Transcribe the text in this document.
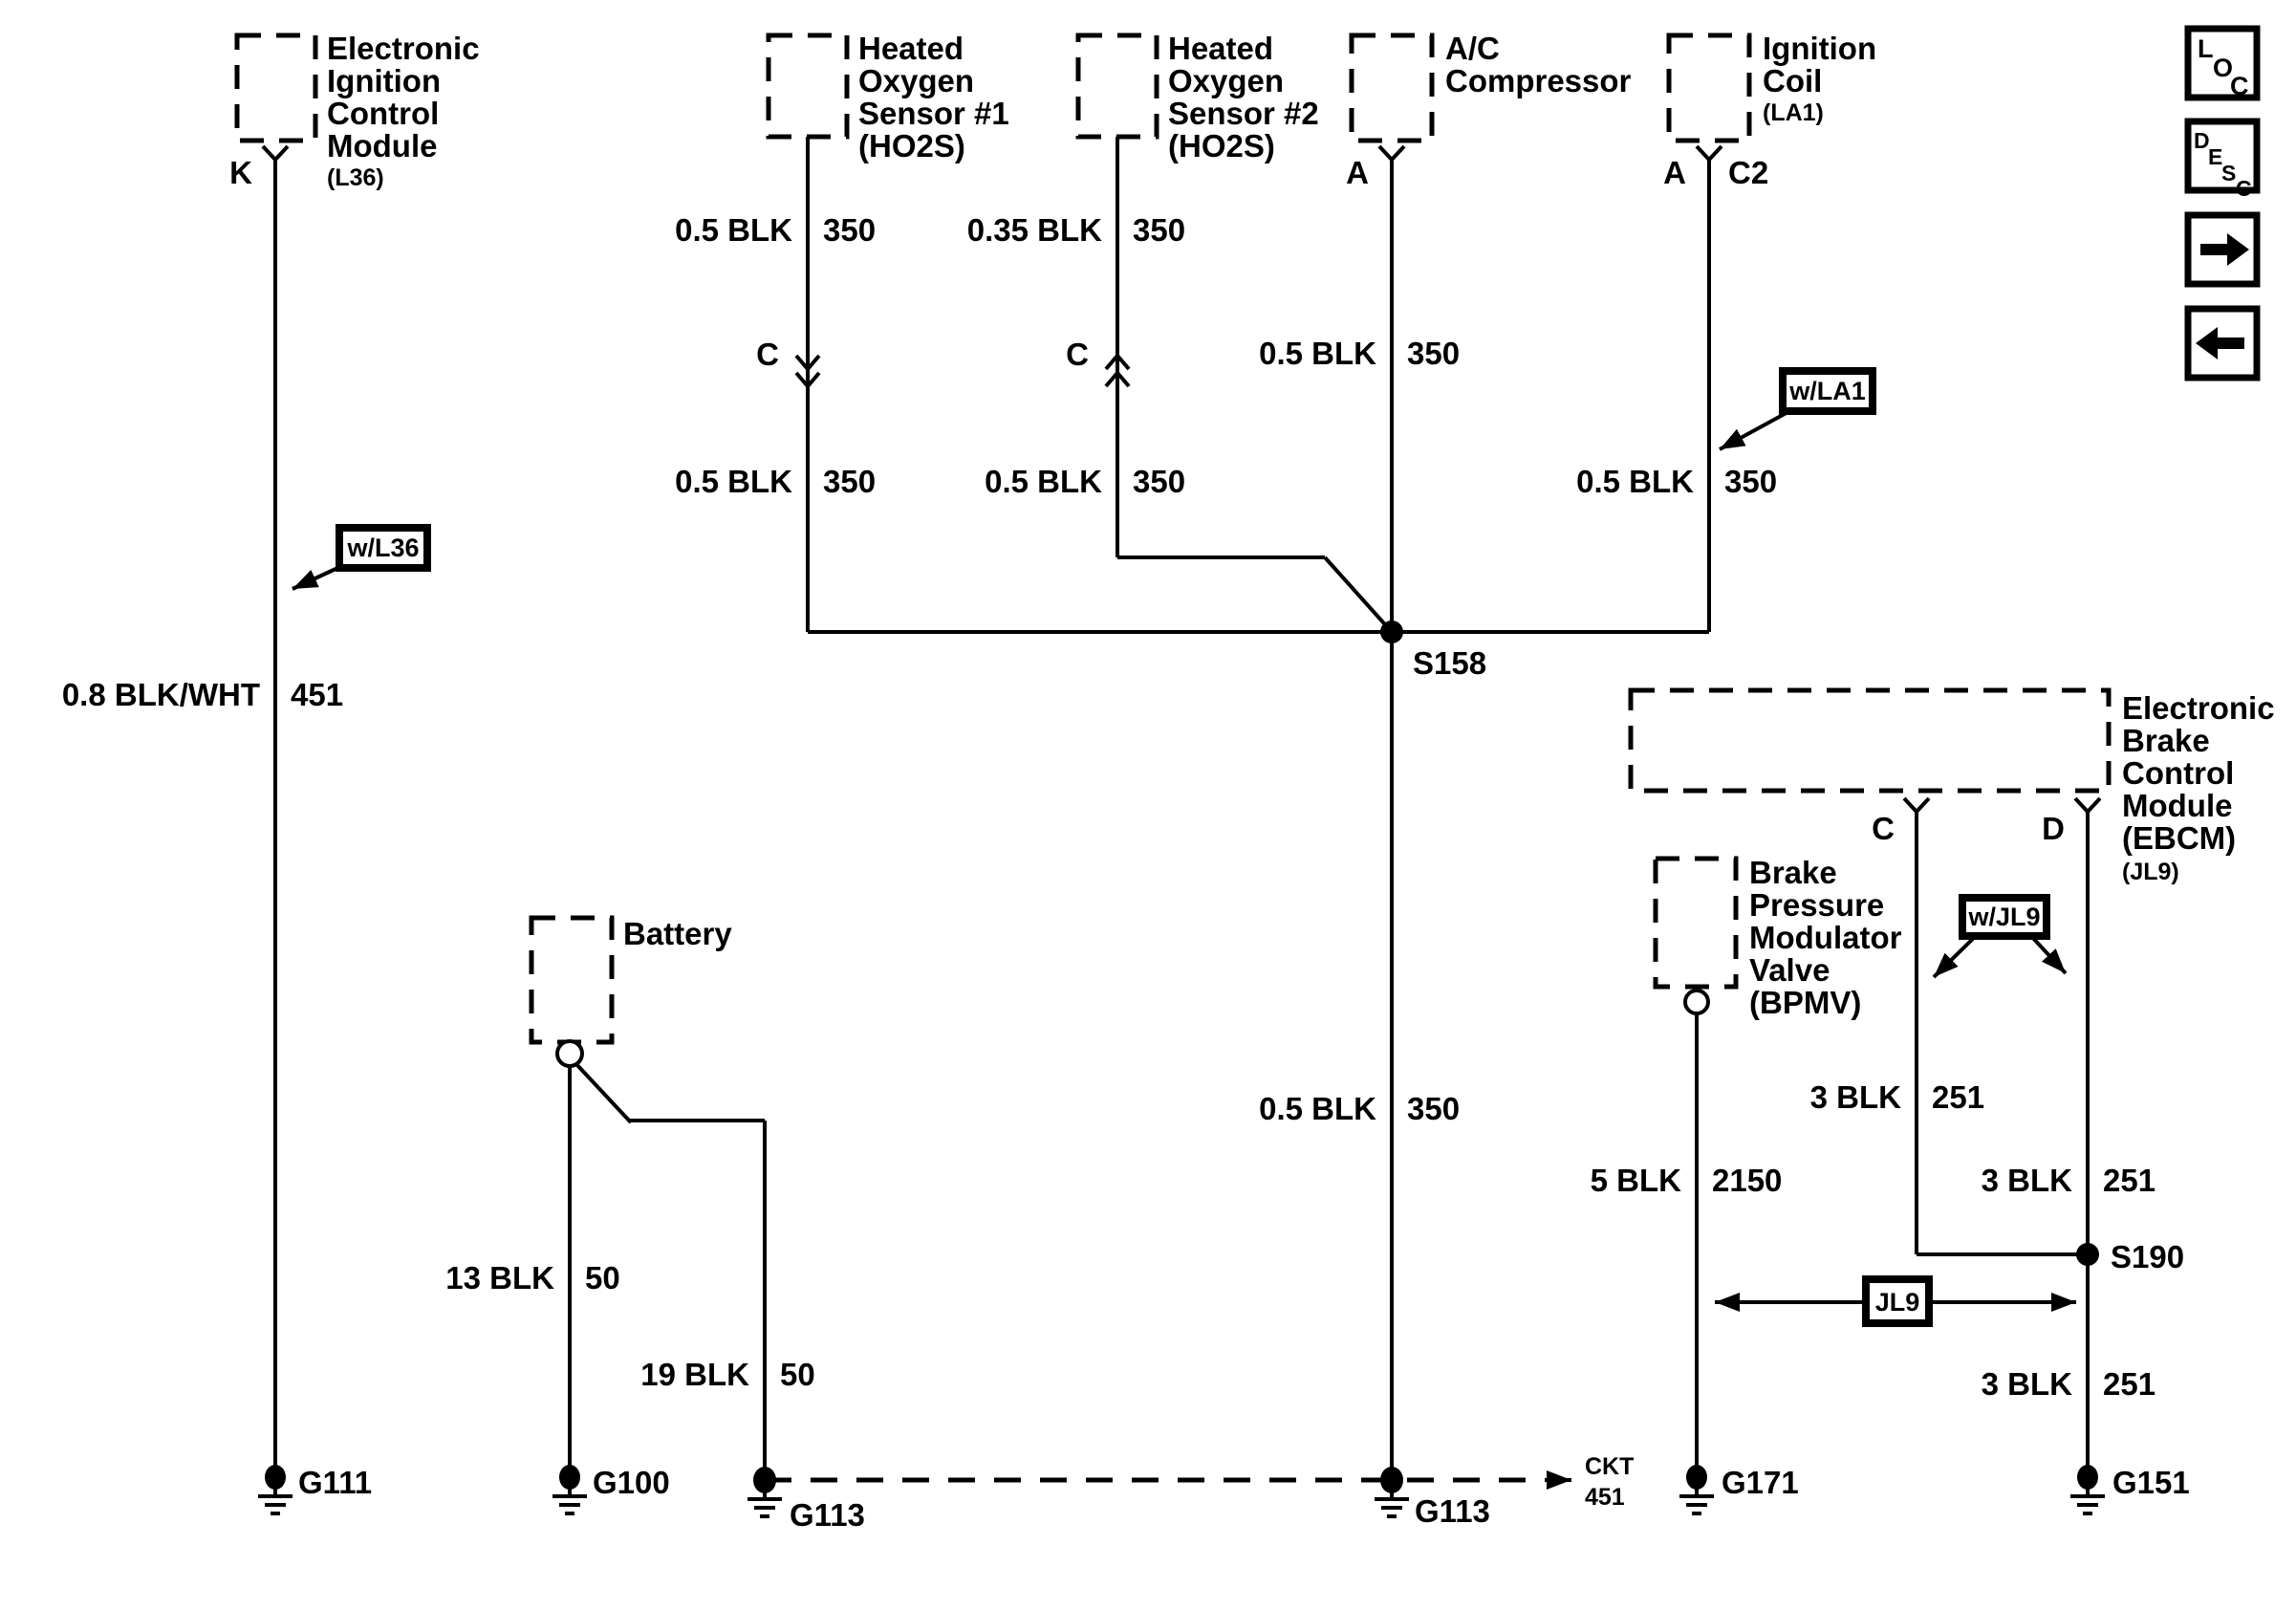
Electronic
Ignition
Control
Module
(L36)
K
Heated
Oxygen
Sensor #1
(HO2S)
C
Heated
Oxygen
Sensor #2
(HO2S)
C
A/C
Compressor
A
Ignition
Coil
(LA1)
A C2
Battery
Electronic
Brake
Control
Module
(EBCM)
(JL9)
C	D
Brake
Pressure
Modulator
Valve
(BPMV)
0.8 BLK/WHT 451
0.5 BLK 350	0.35 BLK 350
0.5 BLK 350
0.5 BLK 350	0.5 BLK 350	0.5 BLK 350
0.5 BLK 350
13 BLK 50
19 BLK 50
5 BLK 2150
3 BLK 251
3 BLK 251
3 BLK 251
S158
S190
G111	G100
G113	G113
G171	G151
w/L36
w/LA1
w/JL9
JL9
CKT
451
L O C
D E S C
